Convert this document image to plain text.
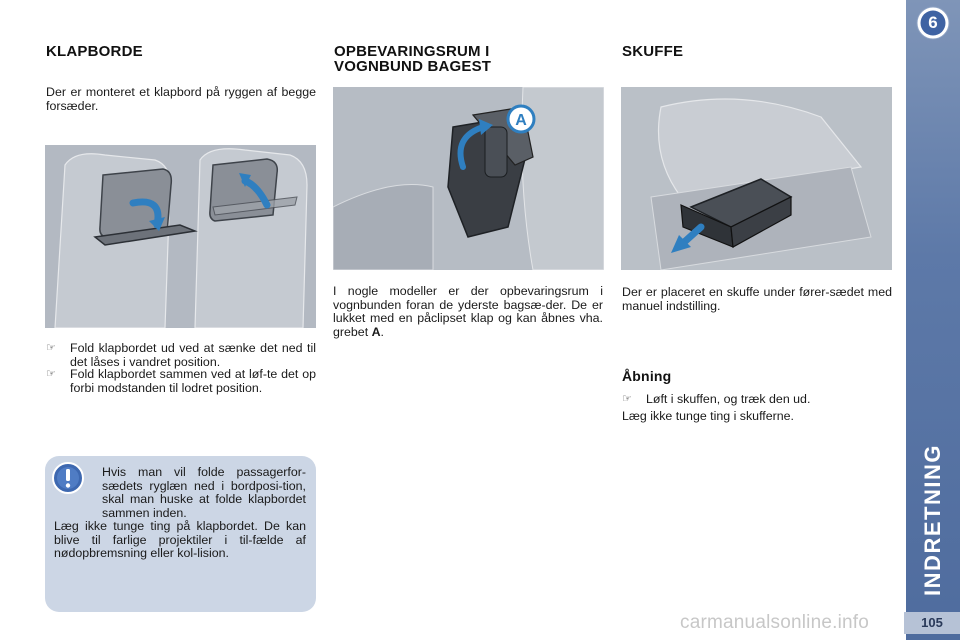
KLAPBORDE
Der er monteret et klapbord på ryggen af begge forsæder.
☞ Fold klapbordet ud ved at sænke det ned til det låses i vandret position.
☞ Fold klapbordet sammen ved at løf-te det op forbi modstanden til lodret position.
Hvis man vil folde passagerfor-sædets ryglæn ned i bordposi-tion, skal man huske at folde klapbordet sammen inden.
Læg ikke tunge ting på klapbordet. De kan blive til farlige projektiler i til-fælde af nødopbremsning eller kol-lision.
OPBEVARINGSRUM I
VOGNBUND BAGEST
A
I nogle modeller er der opbevaringsrum i vognbunden foran de yderste bagsæ-der. De er lukket med en påclipset klap og kan åbnes vha. grebet A.
SKUFFE
Der er placeret en skuffe under fører-sædet med manuel indstilling.
Åbning
☞ Løft i skuffen, og træk den ud.
Læg ikke tunge ting i skufferne.
6
INDRETNING
105
carmanualsonline.info
